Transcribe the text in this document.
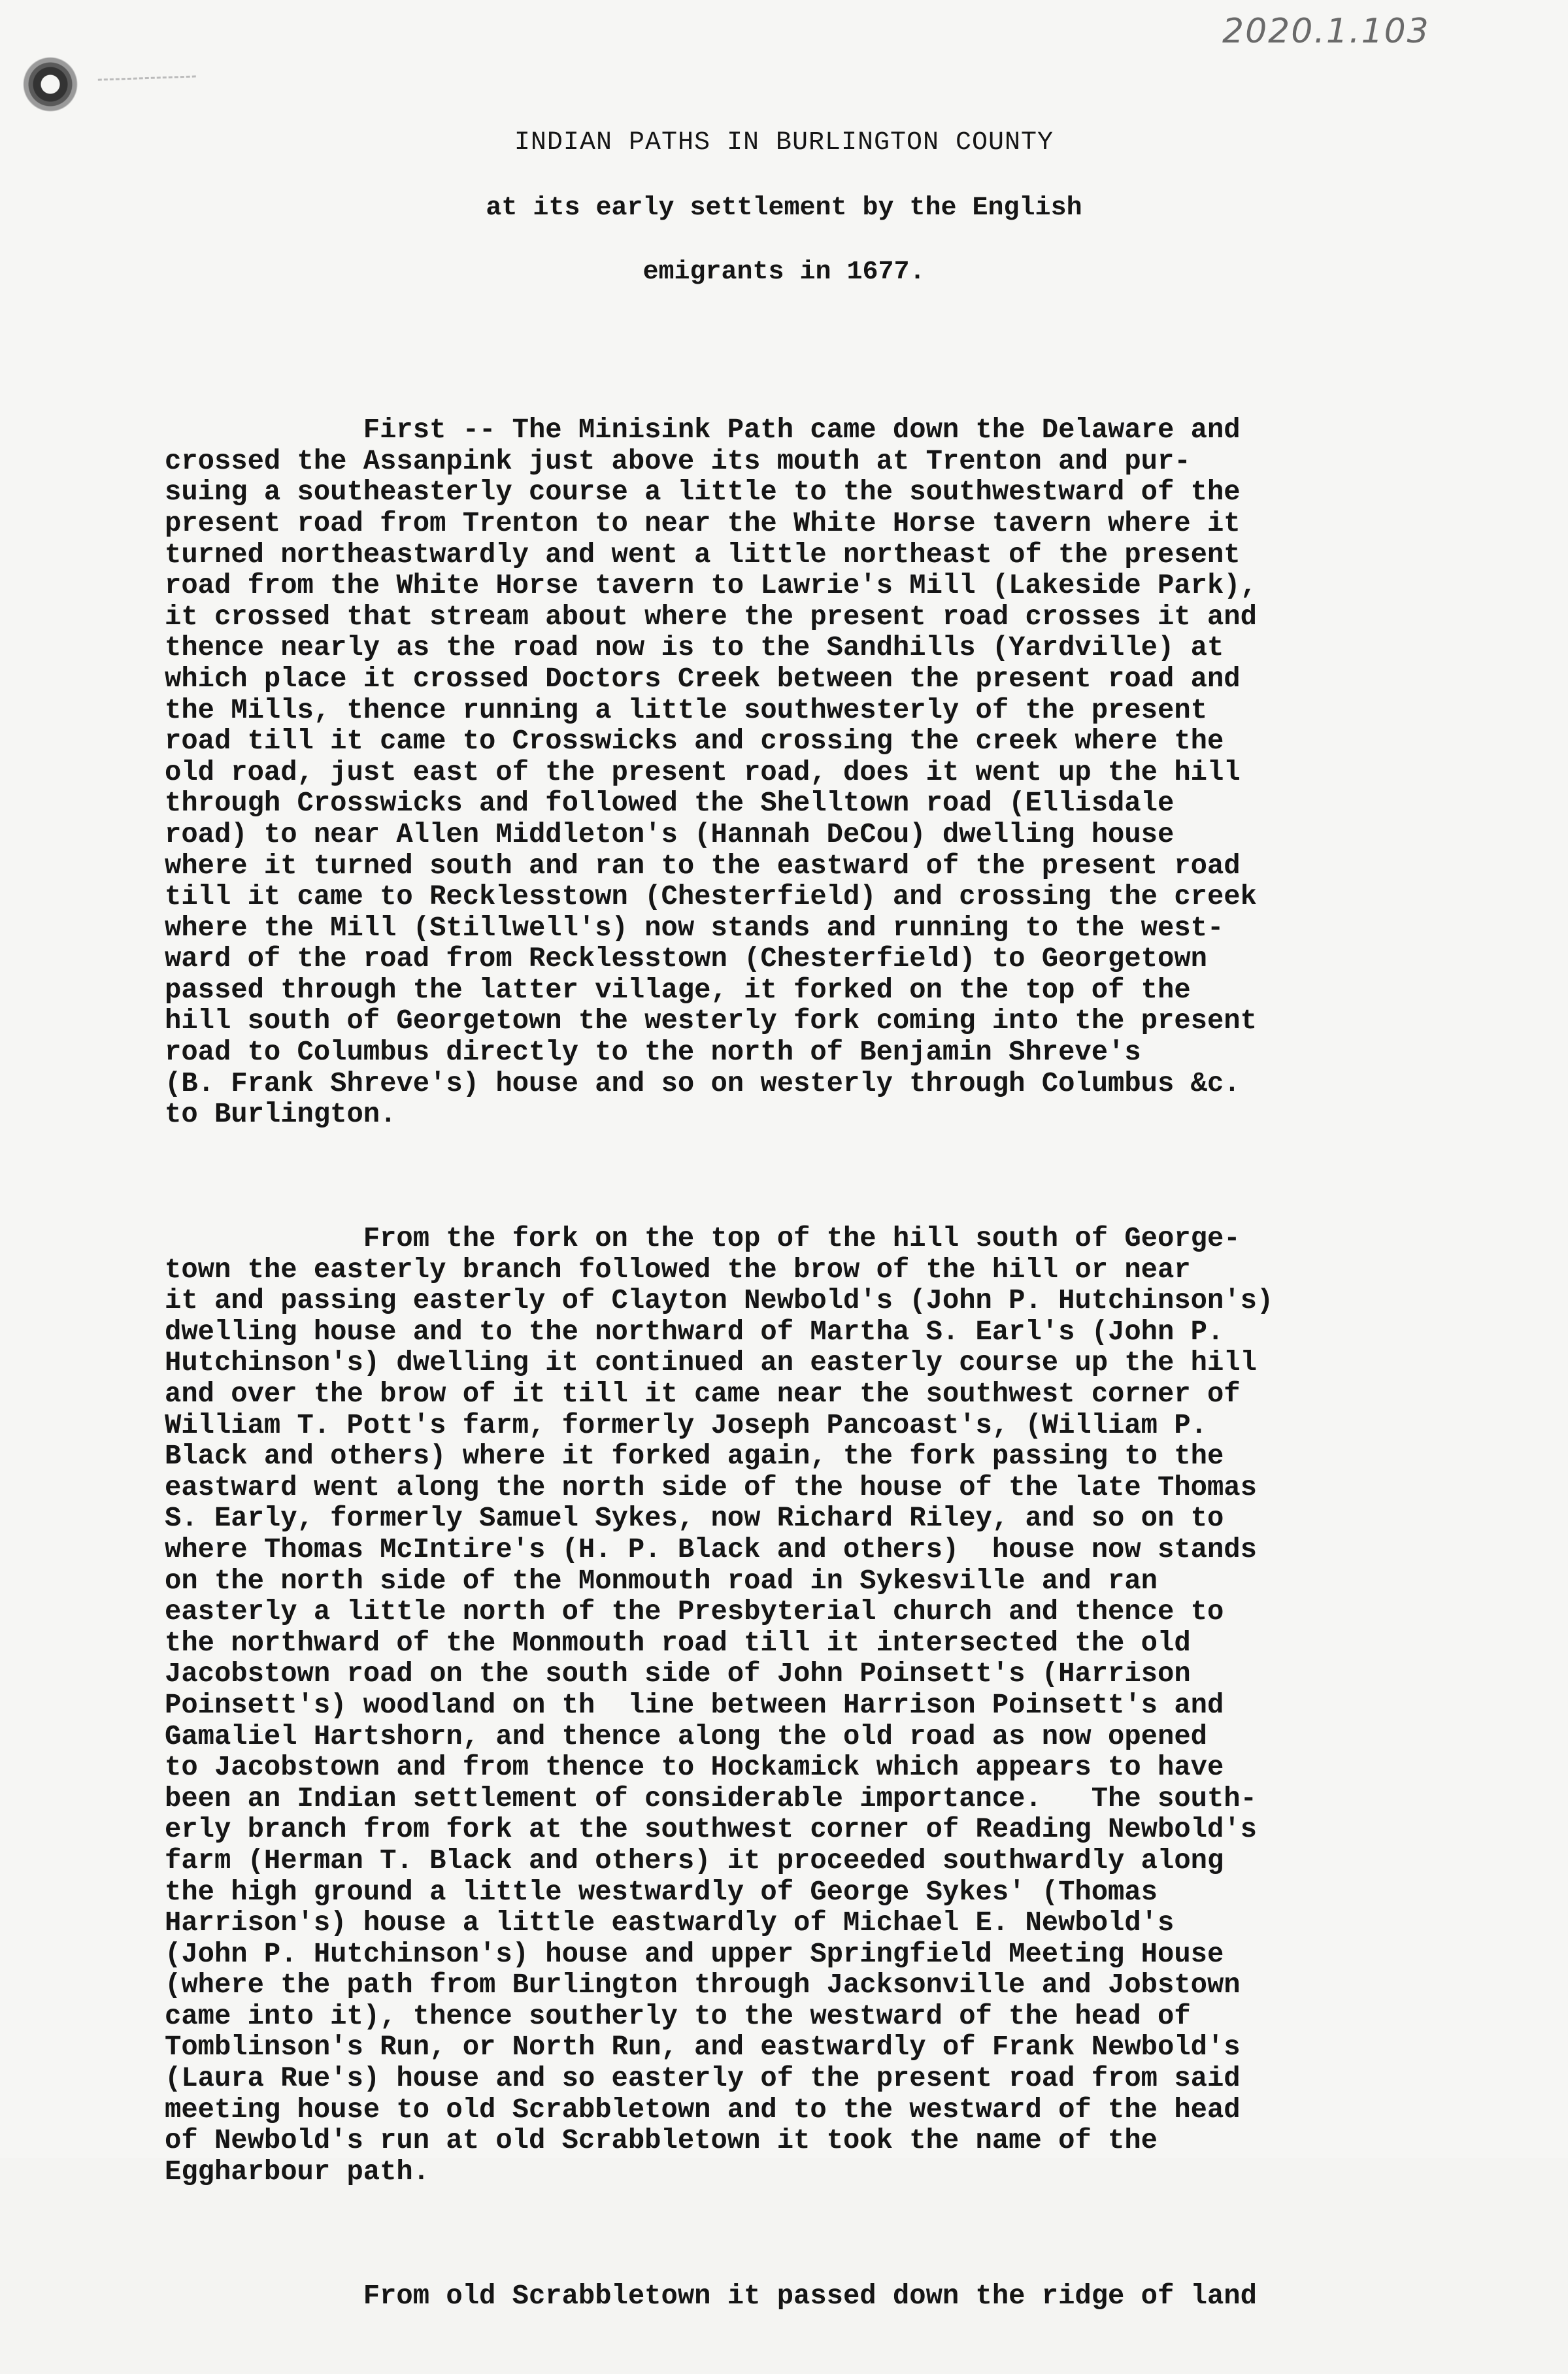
2020.1.103
INDIAN PATHS IN BURLINGTON COUNTY
at its early settlement by the English
emigrants in 1677.

First -- The Minisink Path came down the Delaware and
crossed the Assanpink just above its mouth at Trenton and pur-
suing a southeasterly course a little to the southwestward of the
present road from Trenton to near the White Horse tavern where it
turned northeastwardly and went a little northeast of the present
road from the White Horse tavern to Lawrie's Mill (Lakeside Park),
it crossed that stream about where the present road crosses it and
thence nearly as the road now is to the Sandhills (Yardville) at
which place it crossed Doctors Creek between the present road and
the Mills, thence running a little southwesterly of the present
road till it came to Crosswicks and crossing the creek where the
old road, just east of the present road, does it went up the hill
through Crosswicks and followed the Shelltown road (Ellisdale
road) to near Allen Middleton's (Hannah DeCou) dwelling house
where it turned south and ran to the eastward of the present road
till it came to Recklesstown (Chesterfield) and crossing the creek
where the Mill (Stillwell's) now stands and running to the west-
ward of the road from Recklesstown (Chesterfield) to Georgetown
passed through the latter village, it forked on the top of the
hill south of Georgetown the westerly fork coming into the present
road to Columbus directly to the north of Benjamin Shreve's
(B. Frank Shreve's) house and so on westerly through Columbus &c.
to Burlington.

From the fork on the top of the hill south of George-
town the easterly branch followed the brow of the hill or near
it and passing easterly of Clayton Newbold's (John P. Hutchinson's)
dwelling house and to the northward of Martha S. Earl's (John P.
Hutchinson's) dwelling it continued an easterly course up the hill
and over the brow of it till it came near the southwest corner of
William T. Pott's farm, formerly Joseph Pancoast's, (William P.
Black and others) where it forked again, the fork passing to the
eastward went along the north side of the house of the late Thomas
S. Early, formerly Samuel Sykes, now Richard Riley, and so on to
where Thomas McIntire's (H. P. Black and others)  house now stands
on the north side of the Monmouth road in Sykesville and ran
easterly a little north of the Presbyterial church and thence to
the northward of the Monmouth road till it intersected the old
Jacobstown road on the south side of John Poinsett's (Harrison
Poinsett's) woodland on th  line between Harrison Poinsett's and
Gamaliel Hartshorn, and thence along the old road as now opened
to Jacobstown and from thence to Hockamick which appears to have
been an Indian settlement of considerable importance.   The south-
erly branch from fork at the southwest corner of Reading Newbold's
farm (Herman T. Black and others) it proceeded southwardly along
the high ground a little westwardly of George Sykes' (Thomas
Harrison's) house a little eastwardly of Michael E. Newbold's
(John P. Hutchinson's) house and upper Springfield Meeting House
(where the path from Burlington through Jacksonville and Jobstown
came into it), thence southerly to the westward of the head of
Tomblinson's Run, or North Run, and eastwardly of Frank Newbold's
(Laura Rue's) house and so easterly of the present road from said
meeting house to old Scrabbletown and to the westward of the head
of Newbold's run at old Scrabbletown it took the name of the
Eggharbour path.

From old Scrabbletown it passed down the ridge of land
